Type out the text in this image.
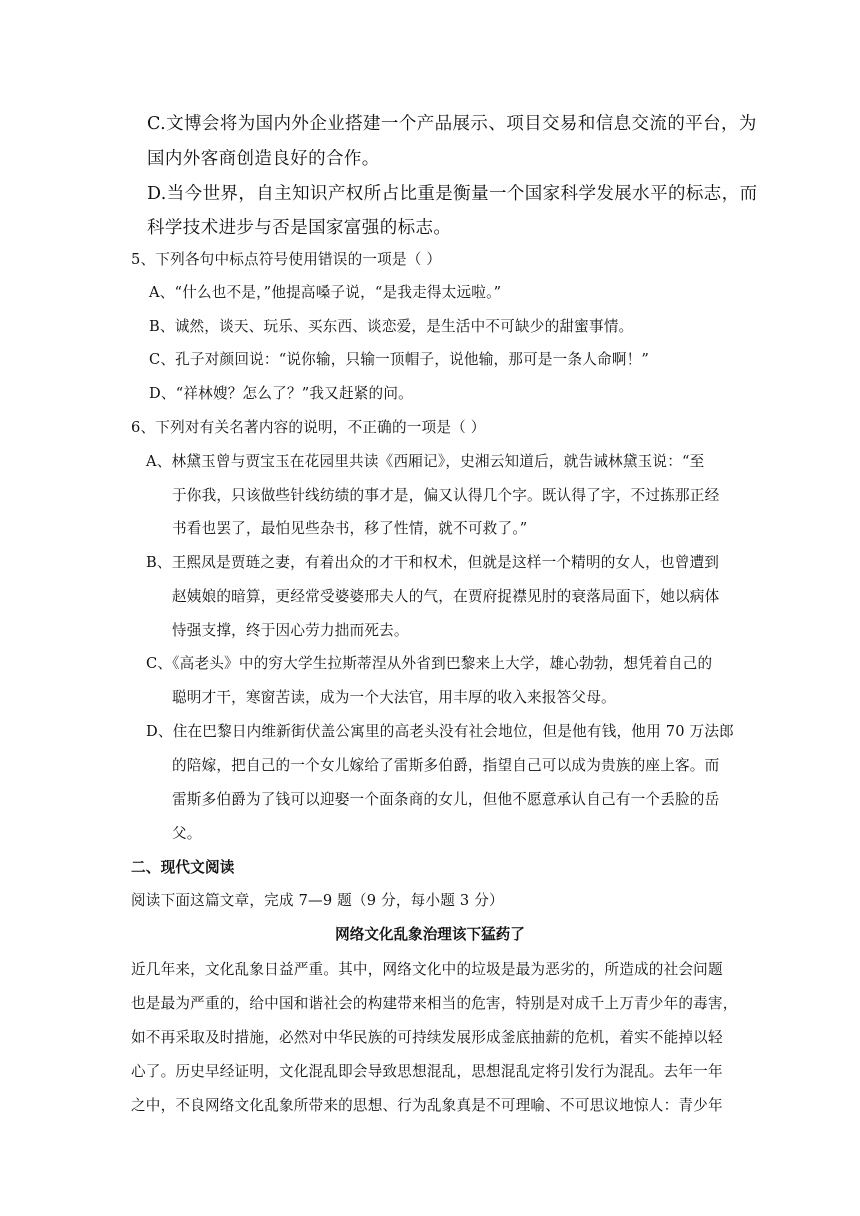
C.文博会将为国内外企业搭建一个产品展示、项目交易和信息交流的平台，为
国内外客商创造良好的合作。
D.当今世界，自主知识产权所占比重是衡量一个国家科学发展水平的标志，而
科学技术进步与否是国家富强的标志。
5、下列各句中标点符号使用错误的一项是（ ）
A、“什么也不是，”他提高嗓子说，“是我走得太远啦。”
B、诚然，谈天、玩乐、买东西、谈恋爱，是生活中不可缺少的甜蜜事情。
C、孔子对颜回说：“说你输，只输一顶帽子，说他输，那可是一条人命啊！”
D、“祥林嫂？怎么了？”我又赶紧的问。
6、下列对有关名著内容的说明，不正确的一项是（ ）
A、林黛玉曾与贾宝玉在花园里共读《西厢记》，史湘云知道后，就告诫林黛玉说：“至
于你我，只该做些针线纺绩的事才是，偏又认得几个字。既认得了字，不过拣那正经
书看也罢了，最怕见些杂书，移了性情，就不可救了。”
B、王熙凤是贾琏之妻，有着出众的才干和权术，但就是这样一个精明的女人，也曾遭到
赵姨娘的暗算，更经常受婆婆邢夫人的气，在贾府捉襟见肘的衰落局面下，她以病体
恃强支撑，终于因心劳力拙而死去。
C、《高老头》中的穷大学生拉斯蒂涅从外省到巴黎来上大学，雄心勃勃，想凭着自己的
聪明才干，寒窗苦读，成为一个大法官，用丰厚的收入来报答父母。
D、住在巴黎日内维新街伏盖公寓里的高老头没有社会地位，但是他有钱，他用 70 万法郎
的陪嫁，把自己的一个女儿嫁给了雷斯多伯爵，指望自己可以成为贵族的座上客。而
雷斯多伯爵为了钱可以迎娶一个面条商的女儿，但他不愿意承认自己有一个丢脸的岳
父。
二、现代文阅读
阅读下面这篇文章，完成 7—9 题（9 分，每小题 3 分）
网络文化乱象治理该下猛药了
近几年来，文化乱象日益严重。其中，网络文化中的垃圾是最为恶劣的，所造成的社会问题
也是最为严重的，给中国和谐社会的构建带来相当的危害，特别是对成千上万青少年的毒害，
如不再采取及时措施，必然对中华民族的可持续发展形成釜底抽薪的危机，着实不能掉以轻
心了。历史早经证明，文化混乱即会导致思想混乱，思想混乱定将引发行为混乱。去年一年
之中，不良网络文化乱象所带来的思想、行为乱象真是不可理喻、不可思议地惊人：青少年
